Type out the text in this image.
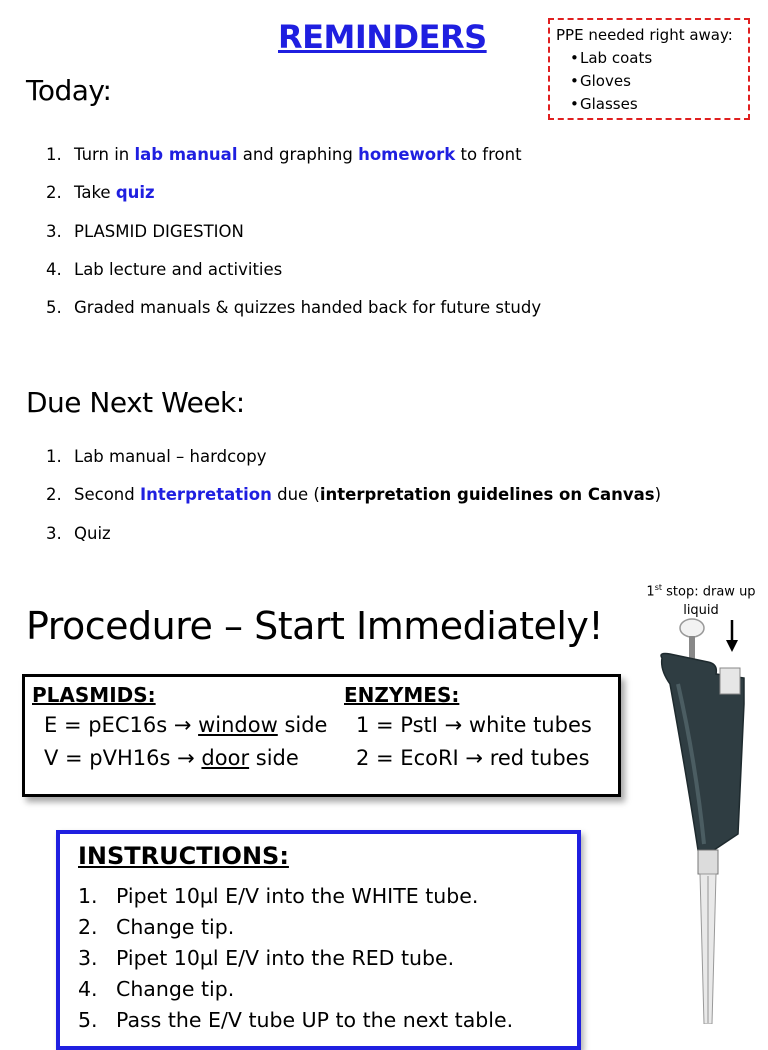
REMINDERS	PPE needed right away:
• Lab coats
• Gloves
• Glasses
Today:
1. Turn in lab manual and graphing homework to front
2. Take quiz
3. PLASMID DIGESTION
4. Lab lecture and activities
5. Graded manuals & quizzes handed back for future study
Due Next Week:
1. Lab manual – hardcopy
2. Second Interpretation due (interpretation guidelines on Canvas)
3. Quiz
Procedure – Start Immediately!
1st stop: draw up liquid
PLASMIDS:
E = pEC16s → window side
V = pVH16s → door side
ENZYMES:
1 = PstI → white tubes
2 = EcoRI → red tubes
INSTRUCTIONS:
1. Pipet 10µl E/V into the WHITE tube.
2. Change tip.
3. Pipet 10µl E/V into the RED tube.
4. Change tip.
5. Pass the E/V tube UP to the next table.
